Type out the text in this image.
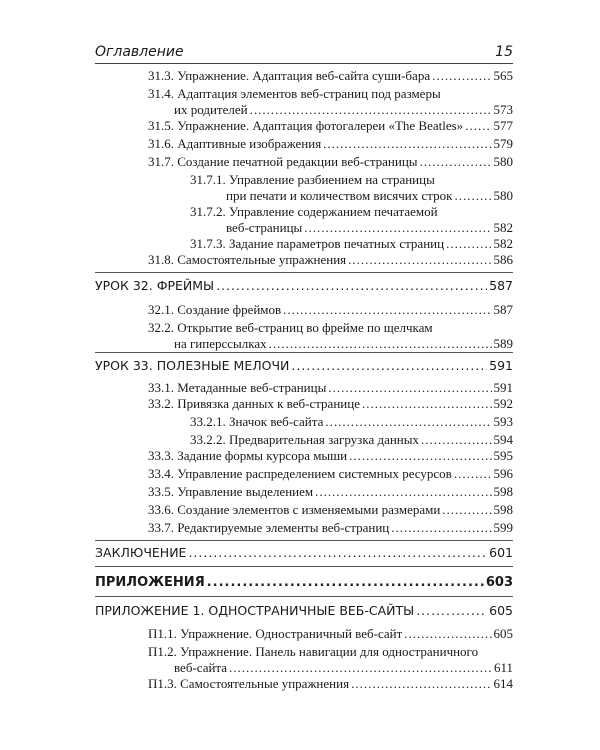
Оглавление	15
31.3. Упражнение. Адаптация веб-сайта суши-бара .....	565
31.4. Адаптация элементов веб-страниц под размеры
их родителей .....	573
31.5. Упражнение. Адаптация фотогалереи «The Beatles» ..... 577
31.6. Адаптивные изображения .....	579
31.7. Создание печатной редакции веб-страницы .....	580
31.7.1. Управление разбиением на страницы
при печати и количеством висячих строк .....	580
31.7.2. Управление содержанием печатаемой
веб-страницы .....	582
31.7.3. Задание параметров печатных страниц .....	582
31.8. Самостоятельные упражнения .....	586
УРОК 32. ФРЕЙМЫ .....	587
32.1. Создание фреймов .....	587
32.2. Открытие веб-страниц во фрейме по щелчкам
на гиперссылках .....	589
УРОК 33. ПОЛЕЗНЫЕ МЕЛОЧИ .....	591
33.1. Метаданные веб-страницы .....	591
33.2. Привязка данных к веб-странице .....	592
33.2.1. Значок веб-сайта .....	593
33.2.2. Предварительная загрузка данных .....	594
33.3. Задание формы курсора мыши .....	595
33.4. Управление распределением системных ресурсов .....	596
33.5. Управление выделением .....	598
33.6. Создание элементов с изменяемыми размерами .....	598
33.7. Редактируемые элементы веб-страниц .....	599
ЗАКЛЮЧЕНИЕ .....	601
ПРИЛОЖЕНИЯ .....	603
ПРИЛОЖЕНИЕ 1. ОДНОСТРАНИЧНЫЕ ВЕБ-САЙТЫ .....	605
П1.1. Упражнение. Одностраничный веб-сайт .....	605
П1.2. Упражнение. Панель навигации для одностраничного
веб-сайта .....	611
П1.3. Самостоятельные упражнения .....	614
